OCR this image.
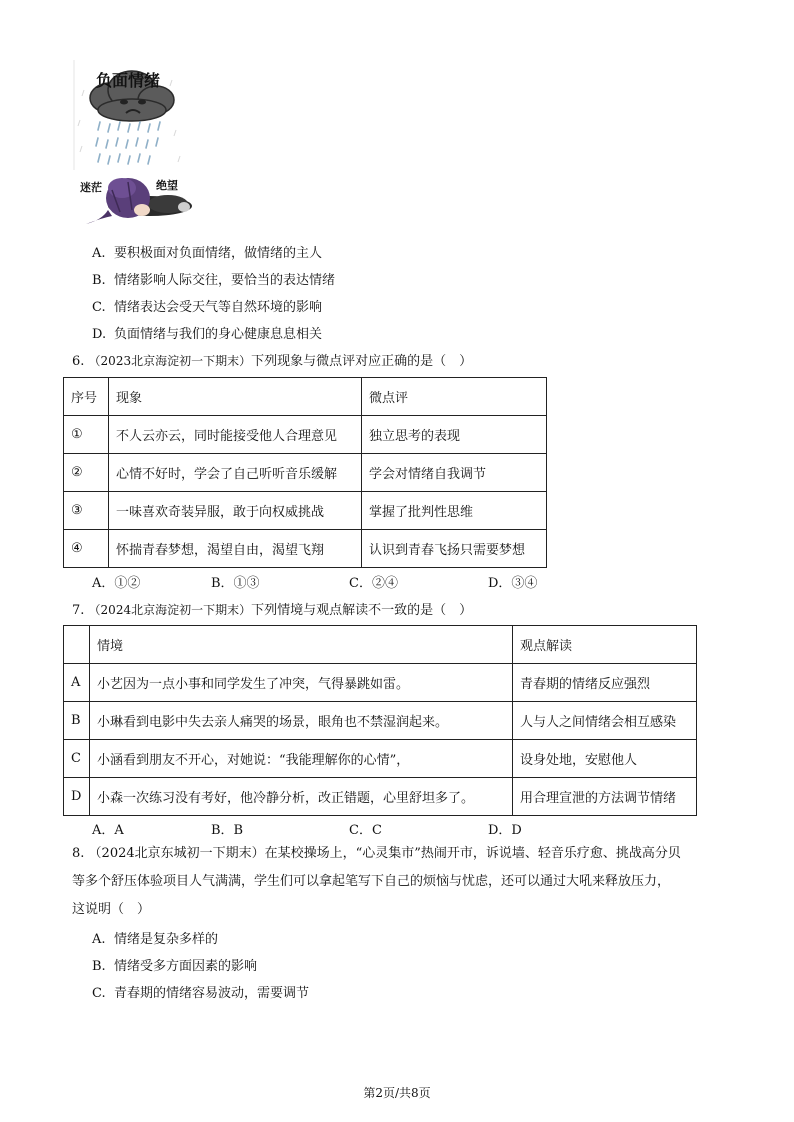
负面情绪
迷茫	绝望
A. 要积极面对负面情绪，做情绪的主人
B. 情绪影响人际交往，要恰当的表达情绪
C. 情绪表达会受天气等自然环境的影响
D. 负面情绪与我们的身心健康息息相关
6. （2023北京海淀初一下期末）下列现象与微点评对应正确的是（　）
序号	现象	微点评
①	不人云亦云，同时能接受他人合理意见	独立思考的表现
②	心情不好时，学会了自己听听音乐缓解	学会对情绪自我调节
③	一味喜欢奇装异服，敢于向权威挑战	掌握了批判性思维
④	怀揣青春梦想，渴望自由，渴望飞翔	认识到青春飞扬只需要梦想
A．①②	B．①③	C．②④	D．③④
7. （2024北京海淀初一下期末）下列情境与观点解读不一致的是（　）
	情境	观点解读
A	小艺因为一点小事和同学发生了冲突，气得暴跳如雷。	青春期的情绪反应强烈
B	小琳看到电影中失去亲人痛哭的场景，眼角也不禁湿润起来。	人与人之间情绪会相互感染
C	小涵看到朋友不开心，对她说：“我能理解你的心情”，	设身处地，安慰他人
D	小森一次练习没有考好，他冷静分析，改正错题，心里舒坦多了。	用合理宣泄的方法调节情绪
A．A	B．B	C．C	D．D
8. （2024北京东城初一下期末）在某校操场上，“心灵集市”热闹开市，诉说墙、轻音乐疗愈、挑战高分贝
等多个舒压体验项目人气满满，学生们可以拿起笔写下自己的烦恼与忧虑，还可以通过大吼来释放压力，
这说明（　）
A. 情绪是复杂多样的
B. 情绪受多方面因素的影响
C. 青春期的情绪容易波动，需要调节
第2页/共8页
